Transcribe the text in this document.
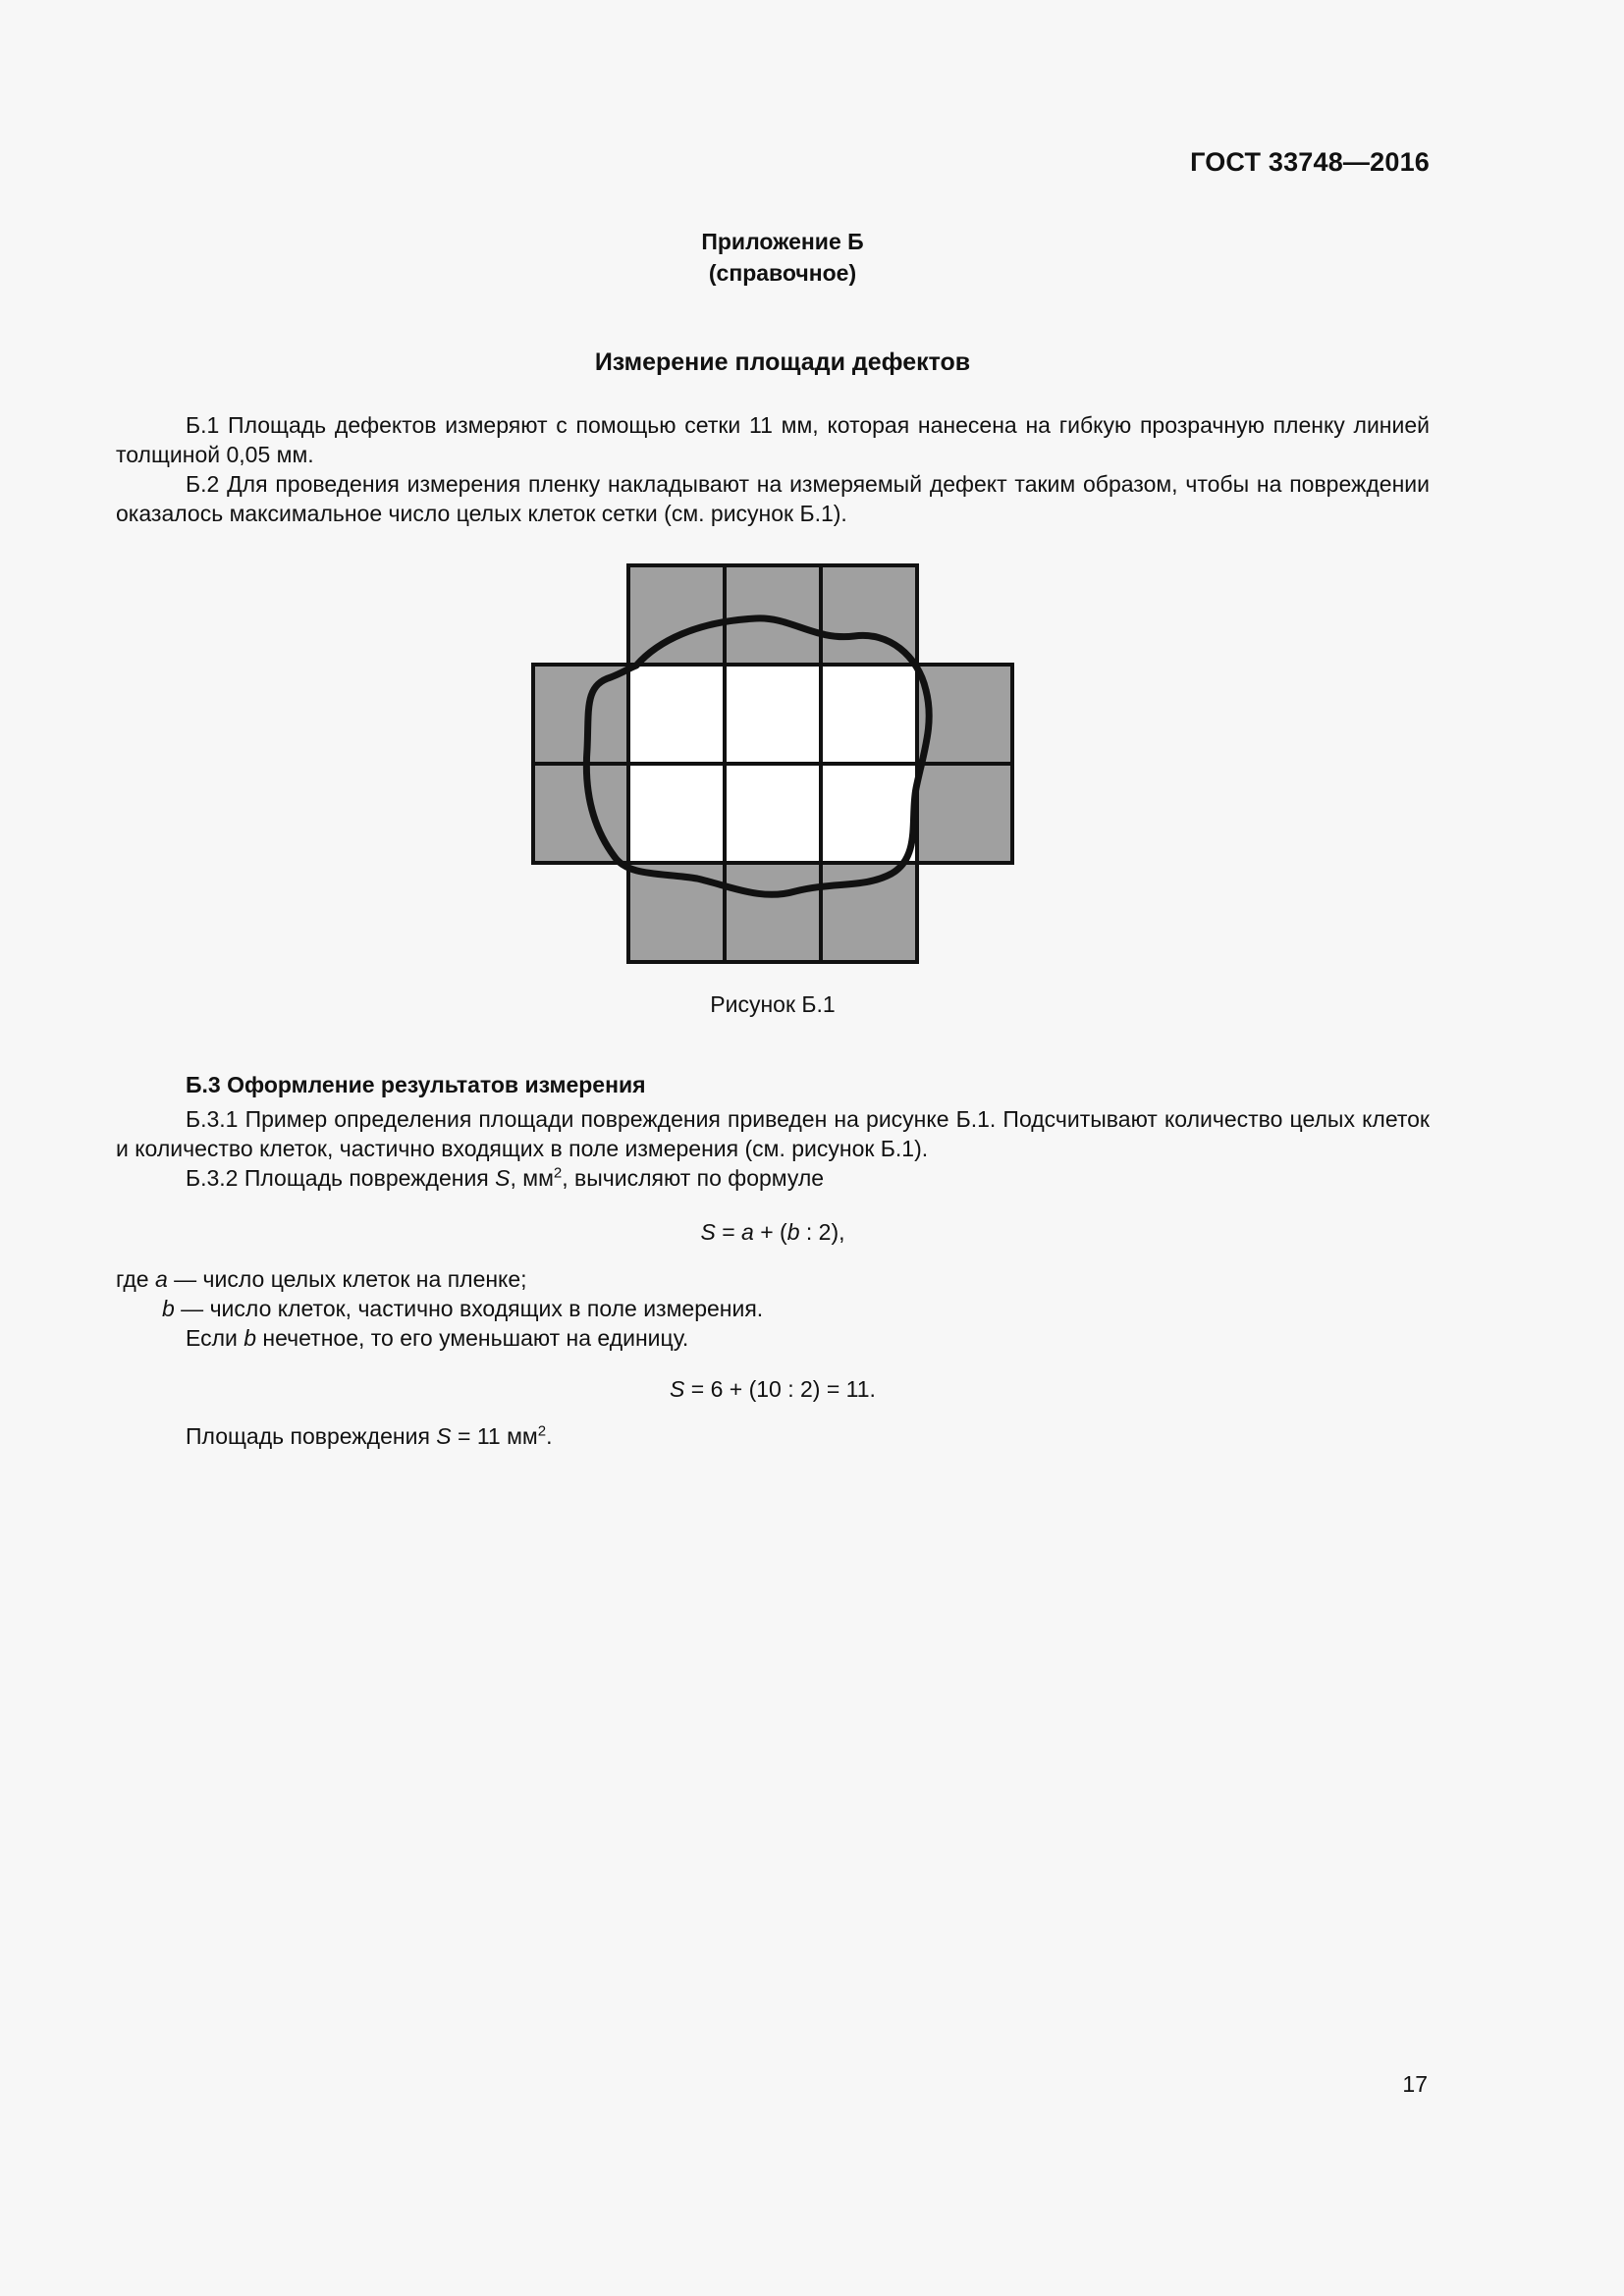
ГОСТ 33748—2016
Приложение Б
(справочное)
Измерение площади дефектов

Б.1 Площадь дефектов измеряют с помощью сетки 11 мм, которая нанесена на гибкую прозрачную пленку линией толщиной 0,05 мм.

Б.2 Для проведения измерения пленку накладывают на измеряемый дефект таким образом, чтобы на повреждении оказалось максимальное число целых клеток сетки (см. рисунок Б.1).

Рисунок Б.1
Б.3 Оформление результатов измерения

Б.3.1 Пример определения площади повреждения приведен на рисунке Б.1. Подсчитывают количество целых клеток и количество клеток, частично входящих в поле измерения (см. рисунок Б.1).

Б.3.2 Площадь повреждения S, $мм^2$, вычисляют по формуле

S = a + (b : 2),
где a — число целых клеток на пленке;
b — число клеток, частично входящих в поле измерения.
Если b нечетное, то его уменьшают на единицу.
S = 6 + (10 : 2) = 11.
Площадь повреждения S = 11 $мм^2$.
17
